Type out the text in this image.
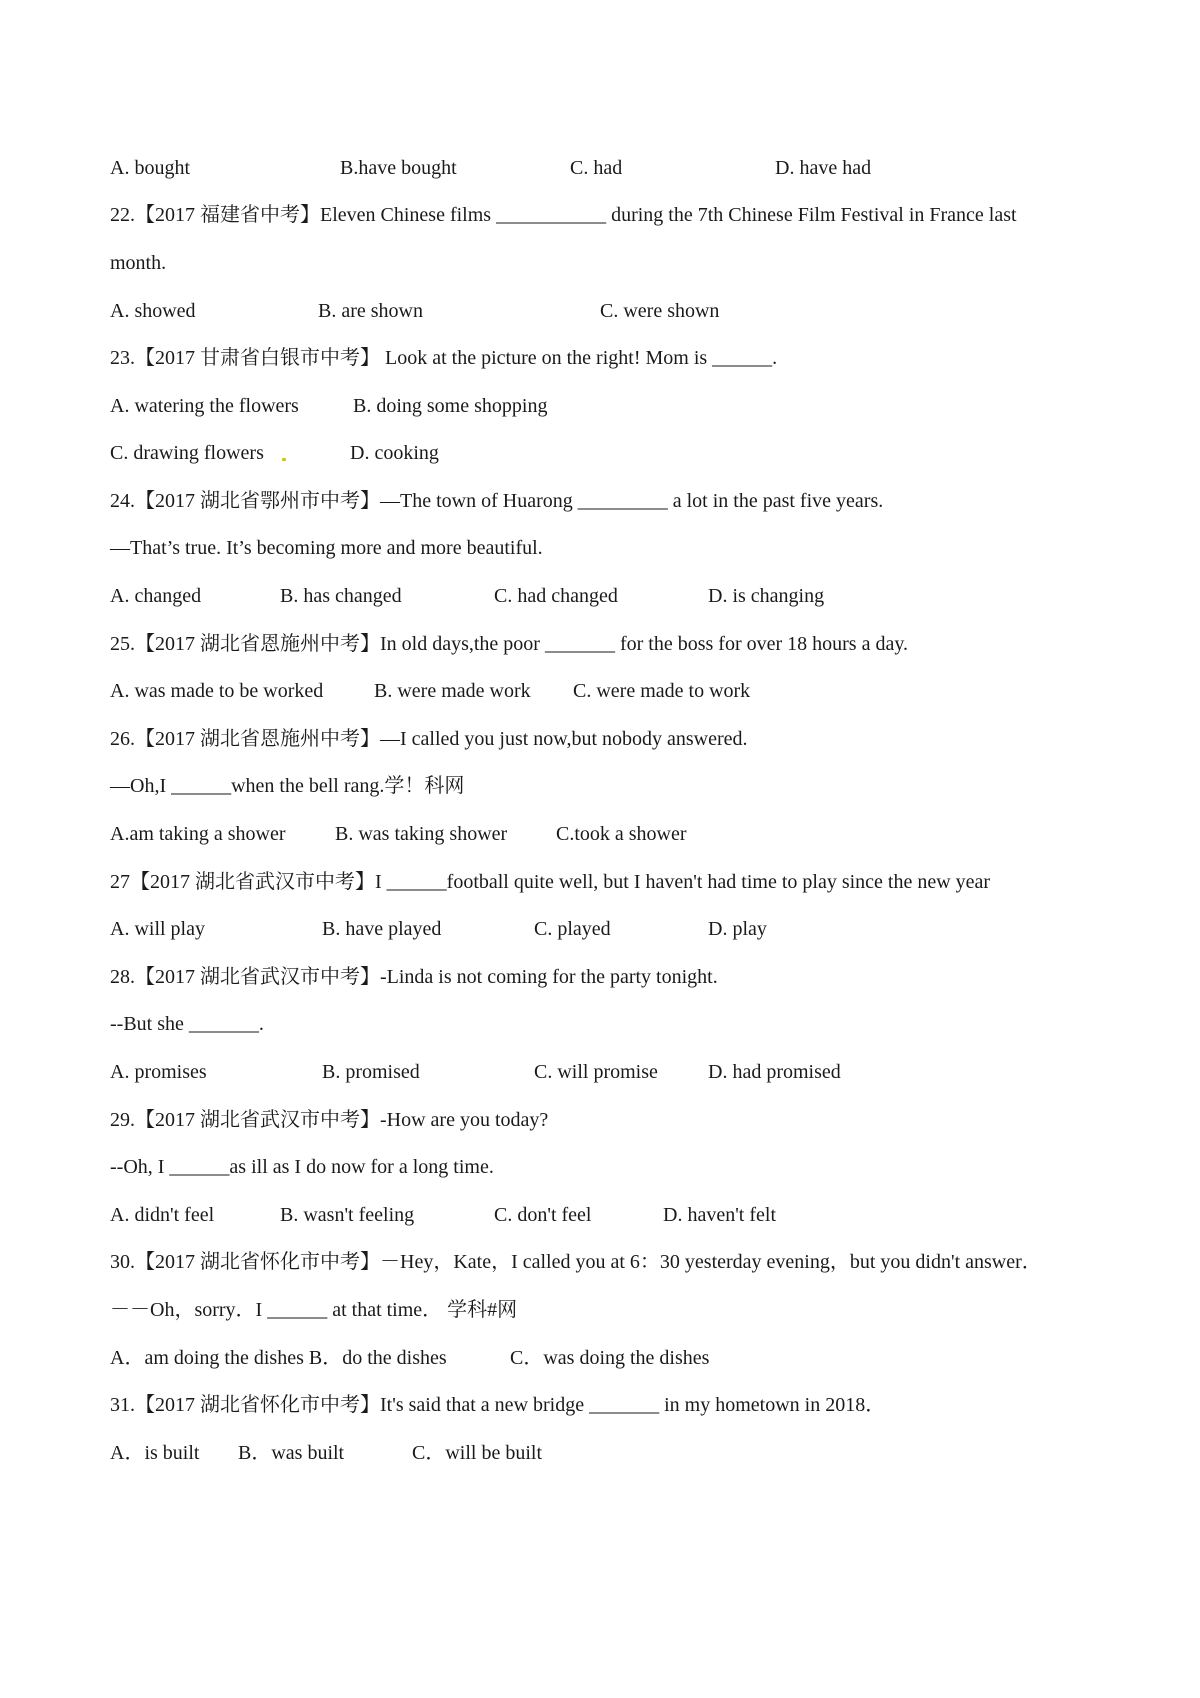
A. bought	B.have bought	C. had	D. have had
22.【2017 福建省中考】Eleven Chinese films ___________ during the 7th Chinese Film Festival in France last
month.
A. showed	B. are shown	C. were shown
23.【2017 甘肃省白银市中考】 Look at the picture on the right! Mom is ______.
A. watering the flowers	B. doing some shopping
C. drawing flowers	D. cooking
24.【2017 湖北省鄂州市中考】—The town of Huarong _________ a lot in the past five years.
—That’s true. It’s becoming more and more beautiful.
A. changed	B. has changed	C. had changed	D. is changing
25.【2017 湖北省恩施州中考】In old days,the poor _______ for the boss for over 18 hours a day.
A. was made to be worked	B. were made work C. were made to work
26.【2017 湖北省恩施州中考】—I called you just now,but nobody answered.
—Oh,I ______when the bell rang.学！科网
A.am taking a shower B. was taking shower C.took a shower
27【2017 湖北省武汉市中考】I ______football quite well, but I haven't had time to play since the new year
A. will play	B. have played	C. played	D. play
28.【2017 湖北省武汉市中考】-Linda is not coming for the party tonight.
--But she _______.
A. promises	B. promised	C. will promise	D. had promised
29.【2017 湖北省武汉市中考】-How are you today?
--Oh, I ______as ill as I do now for a long time.
A. didn't feel	B. wasn't feeling	C. don't feel	D. haven't felt
30.【2017 湖北省怀化市中考】－Hey，Kate，I called you at 6：30 yesterday evening，but you didn't answer．
－－Oh，sorry．I ______ at that time． 学科#网
A．am doing the dishes B．do the dishes	C．was doing the dishes
31.【2017 湖北省怀化市中考】It's said that a new bridge _______ in my hometown in 2018．
A．is built B．was built	C．will be built
